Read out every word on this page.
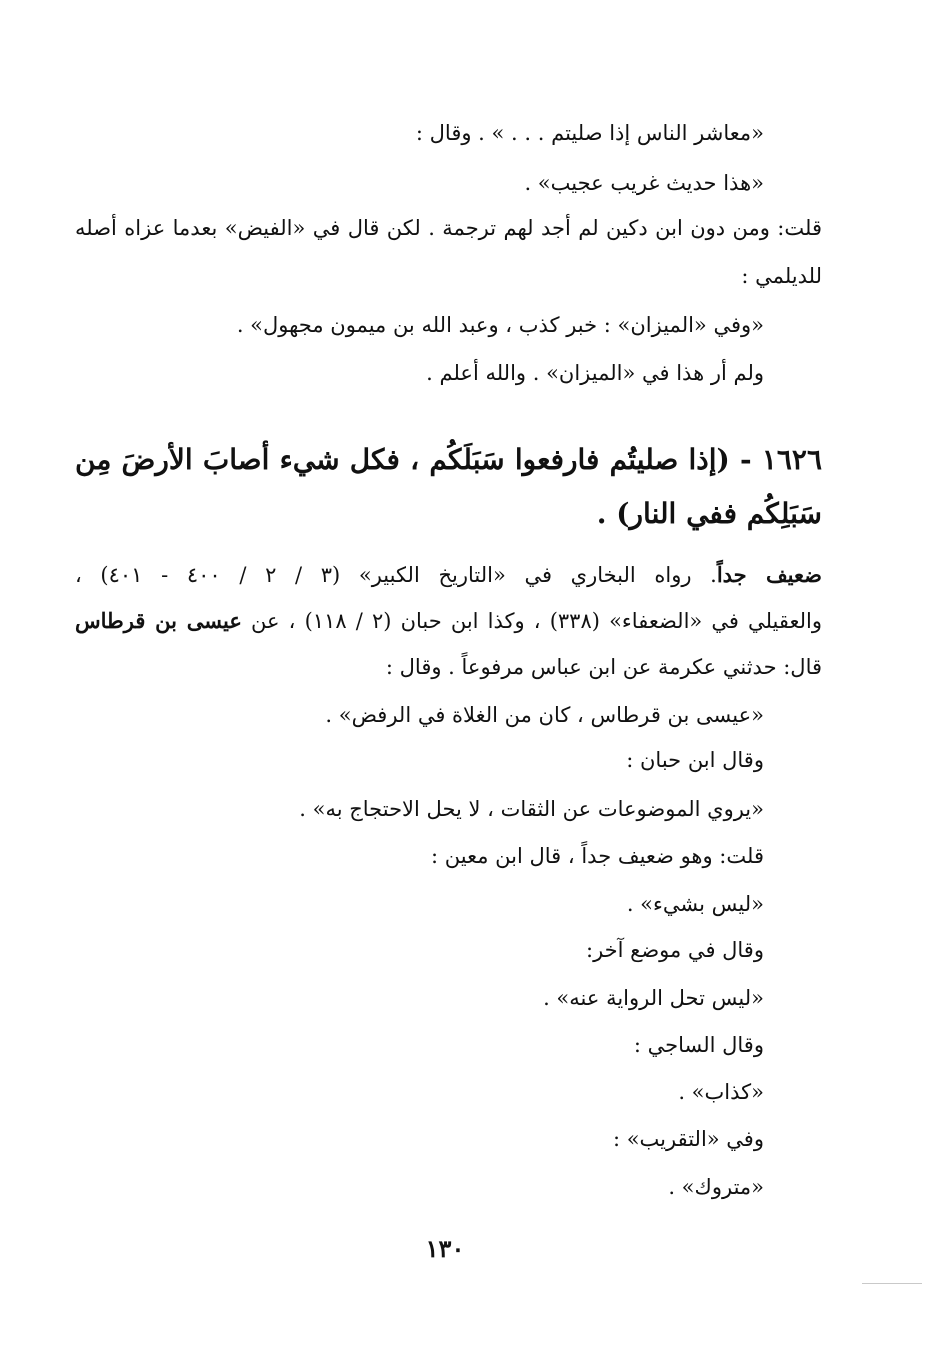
«معاشر الناس إذا صليتم . . . » . وقال :
«هذا حديث غريب عجيب» .
قلت: ومن دون ابن دكين لم أجد لهم ترجمة . لكن قال في «الفيض» بعدما عزاه أصله
للديلمي :
«وفي «الميزان» : خبر كذب ، وعبد الله بن ميمون مجهول» .
ولم أر هذا في «الميزان» . والله أعلم .
١٦٢٦ - (إذا صليتُم فارفعوا سَبَلَكُم ، فكل شيء أصابَ الأرضَ مِن
سَبَلِكُم ففي النار) .
ضعيف جداً. رواه البخاري في «التاريخ الكبير» (٣ / ٢ / ٤٠٠ - ٤٠١) ،
والعقيلي في «الضعفاء» (٣٣٨) ، وكذا ابن حبان (٢ / ١١٨) ، عن عيسى بن قرطاس
قال: حدثني عكرمة عن ابن عباس مرفوعاً . وقال :
«عيسى بن قرطاس ، كان من الغلاة في الرفض» .
وقال ابن حبان :
«يروي الموضوعات عن الثقات ، لا يحل الاحتجاج به» .
قلت: وهو ضعيف جداً ، قال ابن معين :
«ليس بشيء» .
وقال في موضع آخر:
«ليس تحل الرواية عنه» .
وقال الساجي :
«كذاب» .
وفي «التقريب» :
«متروك» .
١٣٠
